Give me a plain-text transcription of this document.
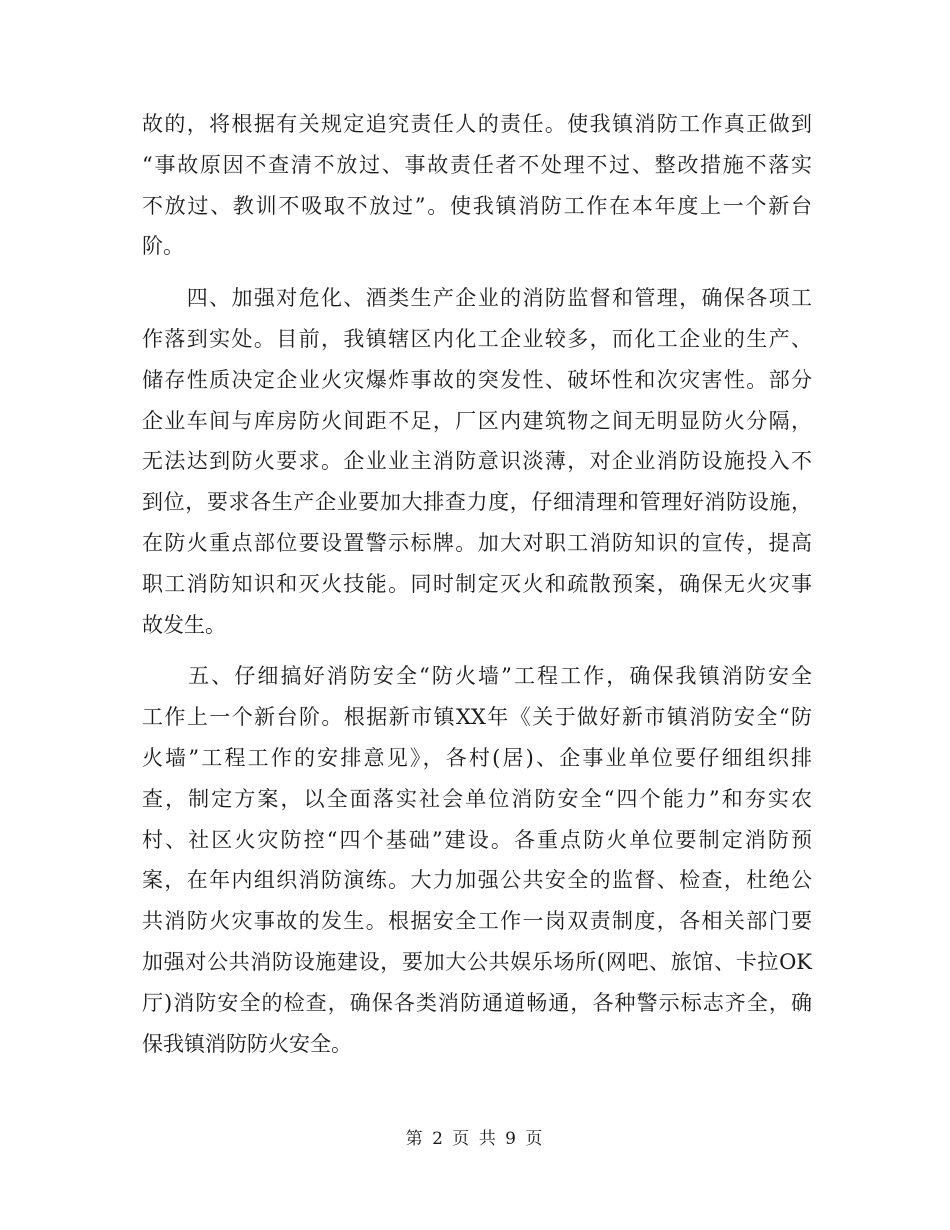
故的，将根据有关规定追究责任人的责任。使我镇消防工作真正做到
“事故原因不查清不放过、事故责任者不处理不过、整改措施不落实
不放过、教训不吸取不放过”。使我镇消防工作在本年度上一个新台
阶。
　　四、加强对危化、酒类生产企业的消防监督和管理，确保各项工
作落到实处。目前，我镇辖区内化工企业较多，而化工企业的生产、
储存性质决定企业火灾爆炸事故的突发性、破坏性和次灾害性。部分
企业车间与库房防火间距不足，厂区内建筑物之间无明显防火分隔，
无法达到防火要求。企业业主消防意识淡薄，对企业消防设施投入不
到位，要求各生产企业要加大排查力度，仔细清理和管理好消防设施，
在防火重点部位要设置警示标牌。加大对职工消防知识的宣传，提高
职工消防知识和灭火技能。同时制定灭火和疏散预案，确保无火灾事
故发生。
　　五、仔细搞好消防安全“防火墙”工程工作，确保我镇消防安全
工作上一个新台阶。根据新市镇XX年《关于做好新市镇消防安全“防
火墙”工程工作的安排意见》，各村(居)、企事业单位要仔细组织排
查，制定方案，以全面落实社会单位消防安全“四个能力”和夯实农
村、社区火灾防控“四个基础”建设。各重点防火单位要制定消防预
案，在年内组织消防演练。大力加强公共安全的监督、检查，杜绝公
共消防火灾事故的发生。根据安全工作一岗双责制度，各相关部门要
加强对公共消防设施建设，要加大公共娱乐场所(网吧、旅馆、卡拉OK
厅)消防安全的检查，确保各类消防通道畅通，各种警示标志齐全，确
保我镇消防防火安全。
第 2 页 共 9 页
